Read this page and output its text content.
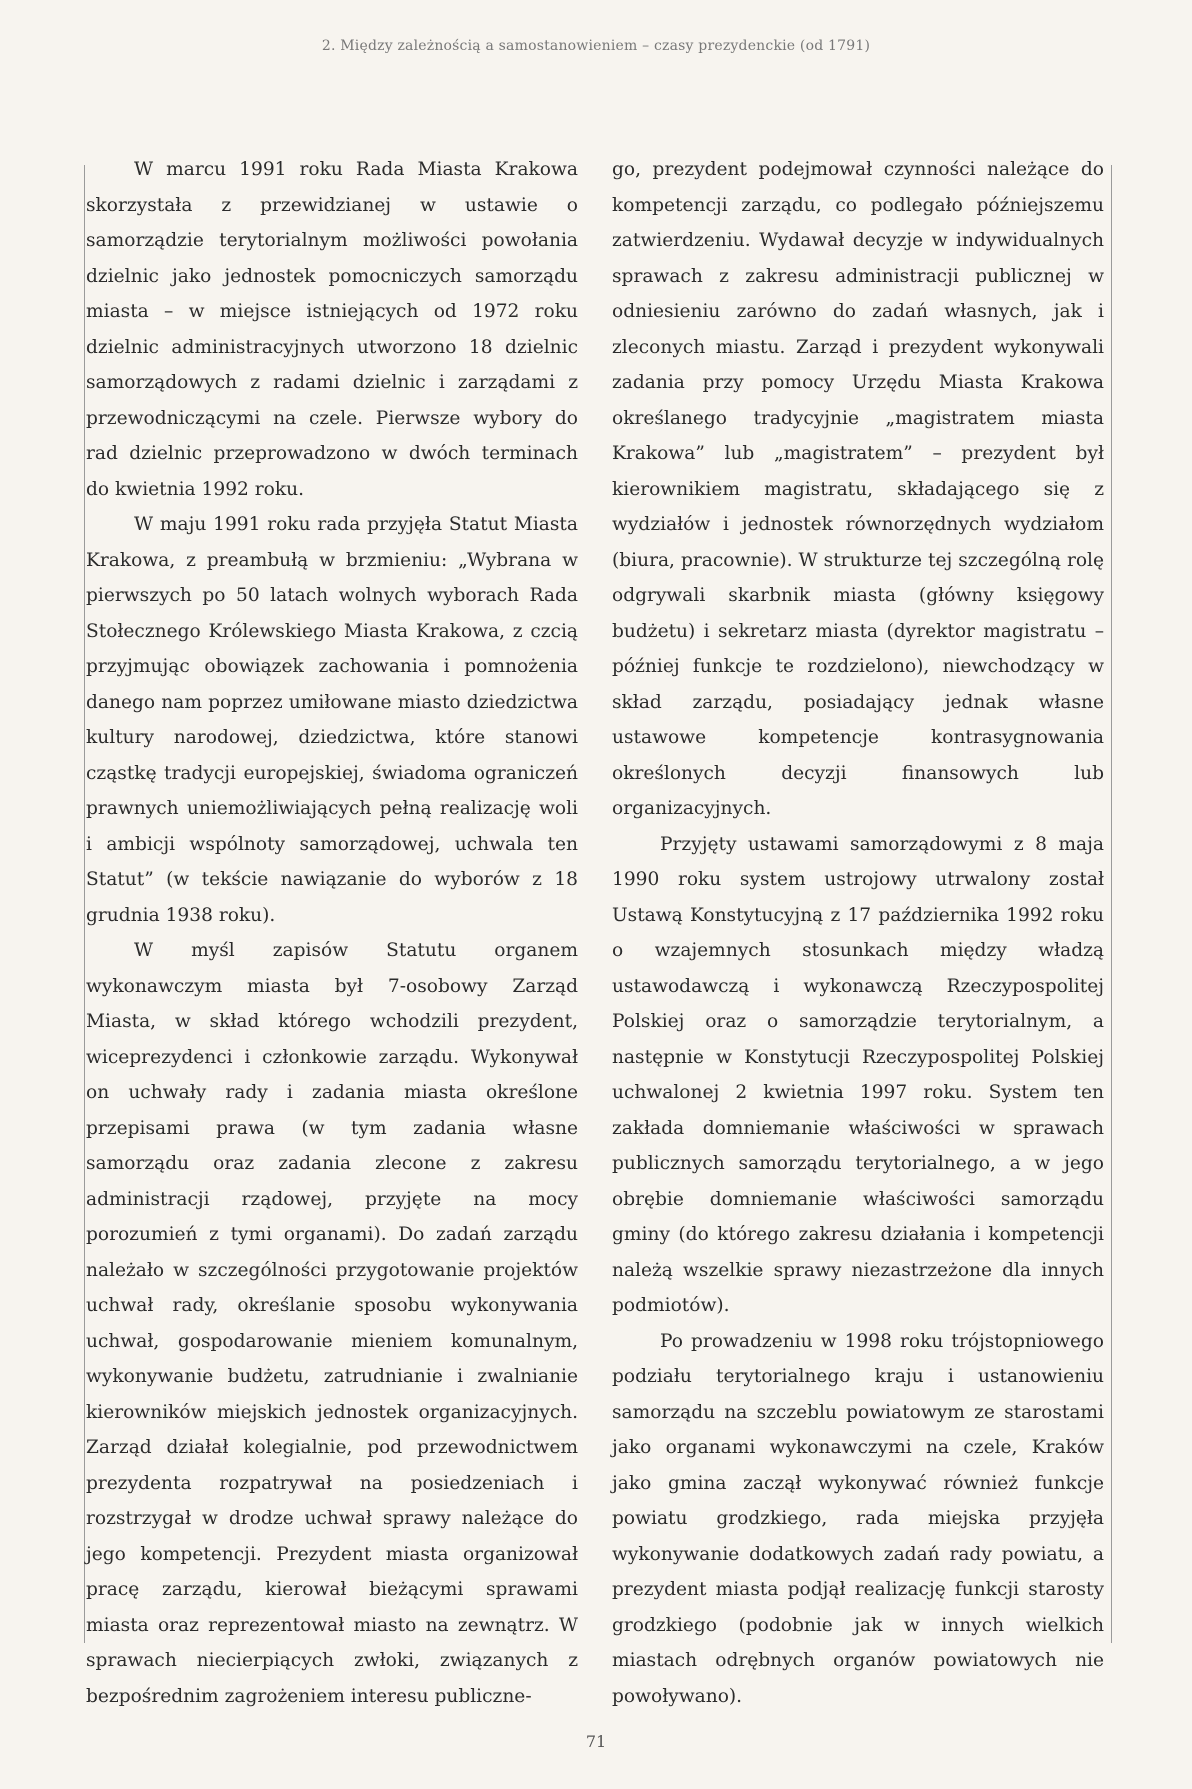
2. Między zależnością a samostanowieniem – czasy prezydenckie (od 1791)

W marcu 1991 roku Rada Miasta Krakowa skorzystała z przewidzianej w ustawie o samorządzie terytorialnym możliwości powołania dzielnic jako jednostek pomocniczych samorządu miasta – w miejsce istniejących od 1972 roku dzielnic administracyjnych utworzono 18 dzielnic samorządowych z radami dzielnic i zarządami z przewodniczącymi na czele. Pierwsze wybory do rad dzielnic przeprowadzono w dwóch terminach do kwietnia 1992 roku.

W maju 1991 roku rada przyjęła Statut Miasta Krakowa, z preambułą w brzmieniu: „Wybrana w pierwszych po 50 latach wolnych wyborach Rada Stołecznego Królewskiego Miasta Krakowa, z czcią przyjmując obowiązek zachowania i pomnożenia danego nam poprzez umiłowane miasto dziedzictwa kultury narodowej, dziedzictwa, które stanowi cząstkę tradycji europejskiej, świadoma ograniczeń prawnych uniemożliwiających pełną realizację woli i ambicji wspólnoty samorządowej, uchwala ten Statut” (w tekście nawiązanie do wyborów z 18 grudnia 1938 roku).

W myśl zapisów Statutu organem wykonawczym miasta był 7-osobowy Zarząd Miasta, w skład którego wchodzili prezydent, wiceprezydenci i członkowie zarządu. Wykonywał on uchwały rady i zadania miasta określone przepisami prawa (w tym zadania własne samorządu oraz zadania zlecone z zakresu administracji rządowej, przyjęte na mocy porozumień z tymi organami). Do zadań zarządu należało w szczególności przygotowanie projektów uchwał rady, określanie sposobu wykonywania uchwał, gospodarowanie mieniem komunalnym, wykonywanie budżetu, zatrudnianie i zwalnianie kierowników miejskich jednostek organizacyjnych. Zarząd działał kolegialnie, pod przewodnictwem prezydenta rozpatrywał na posiedzeniach i rozstrzygał w drodze uchwał sprawy należące do jego kompetencji. Prezydent miasta organizował pracę zarządu, kierował bieżącymi sprawami miasta oraz reprezentował miasto na zewnątrz. W sprawach niecierpiących zwłoki, związanych z bezpośrednim zagrożeniem interesu publiczne-

go, prezydent podejmował czynności należące do kompetencji zarządu, co podlegało późniejszemu zatwierdzeniu. Wydawał decyzje w indywidualnych sprawach z zakresu administracji publicznej w odniesieniu zarówno do zadań własnych, jak i zleconych miastu. Zarząd i prezydent wykonywali zadania przy pomocy Urzędu Miasta Krakowa określanego tradycyjnie „magistratem miasta Krakowa” lub „magistratem” – prezydent był kierownikiem magistratu, składającego się z wydziałów i jednostek równorzędnych wydziałom (biura, pracownie). W strukturze tej szczególną rolę odgrywali skarbnik miasta (główny księgowy budżetu) i sekretarz miasta (dyrektor magistratu – później funkcje te rozdzielono), niewchodzący w skład zarządu, posiadający jednak własne ustawowe kompetencje kontrasygnowania określonych decyzji finansowych lub organizacyjnych.

Przyjęty ustawami samorządowymi z 8 maja 1990 roku system ustrojowy utrwalony został Ustawą Konstytucyjną z 17 października 1992 roku o wzajemnych stosunkach między władzą ustawodawczą i wykonawczą Rzeczypospolitej Polskiej oraz o samorządzie terytorialnym, a następnie w Konstytucji Rzeczypospolitej Polskiej uchwalonej 2 kwietnia 1997 roku. System ten zakłada domniemanie właściwości w sprawach publicznych samorządu terytorialnego, a w jego obrębie domniemanie właściwości samorządu gminy (do którego zakresu działania i kompetencji należą wszelkie sprawy niezastrzeżone dla innych podmiotów).

Po prowadzeniu w 1998 roku trójstopniowego podziału terytorialnego kraju i ustanowieniu samorządu na szczeblu powiatowym ze starostami jako organami wykonawczymi na czele, Kraków jako gmina zaczął wykonywać również funkcje powiatu grodzkiego, rada miejska przyjęła wykonywanie dodatkowych zadań rady powiatu, a prezydent miasta podjął realizację funkcji starosty grodzkiego (podobnie jak w innych wielkich miastach odrębnych organów powiatowych nie powoływano).

71
